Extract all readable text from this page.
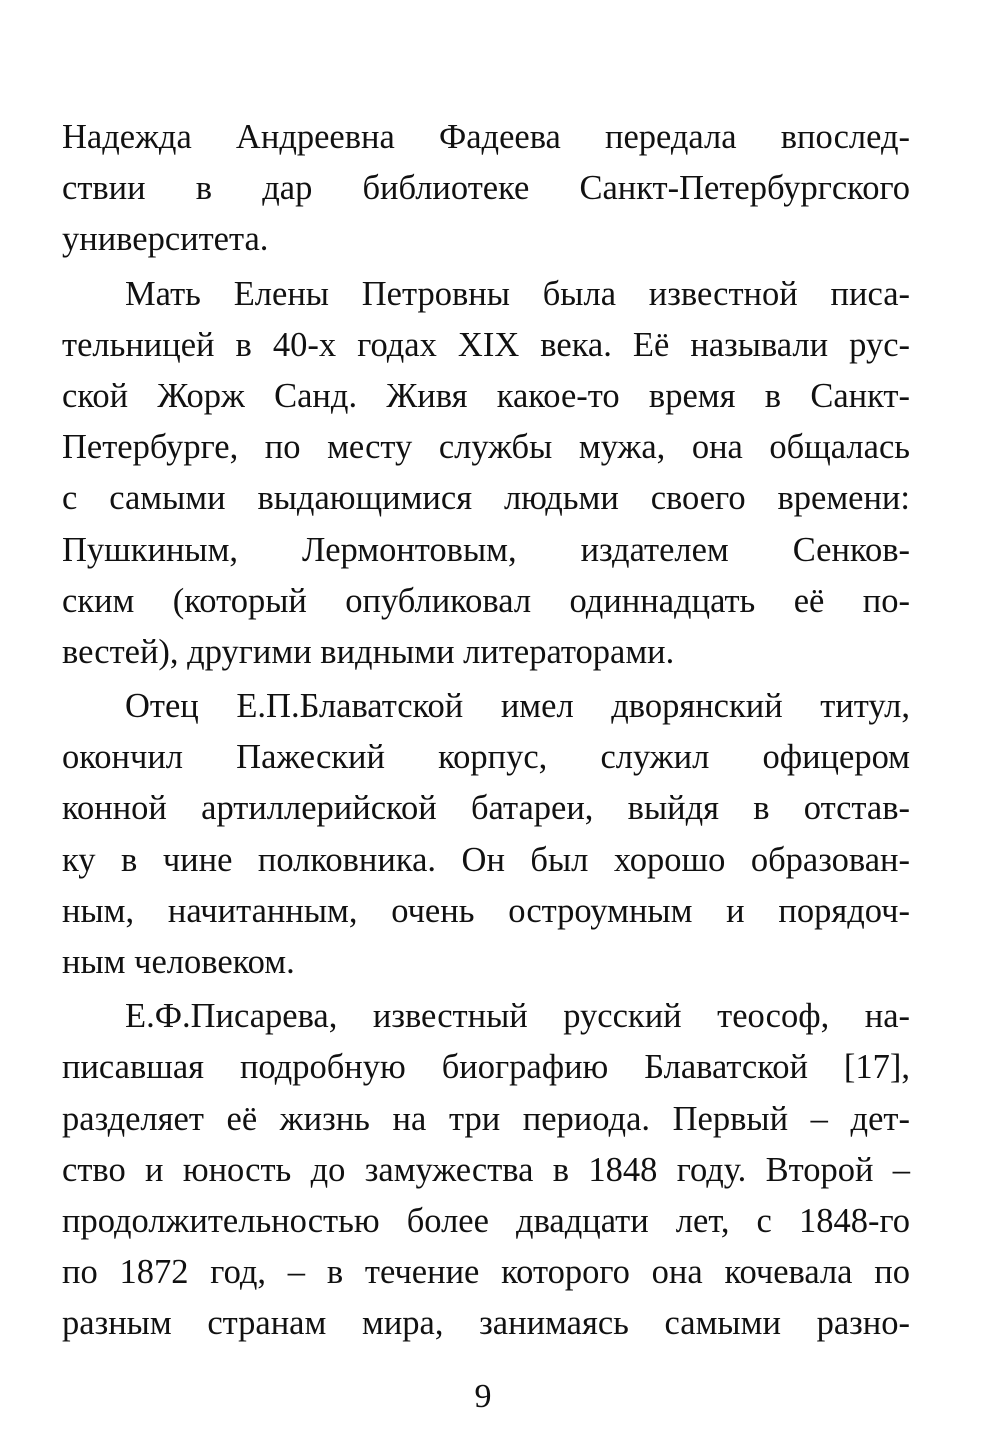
Надежда Андреевна Фадеева передала впослед-
ствии в дар библиотеке Санкт-Петербургского
университета.
Мать Елены Петровны была известной писа-
тельницей в 40-х годах XIX века. Её называли рус-
ской Жорж Санд. Живя какое-то время в Санкт-
Петербурге, по месту службы мужа, она общалась
с самыми выдающимися людьми своего времени:
Пушкиным, Лермонтовым, издателем Сенков-
ским (который опубликовал одиннадцать её по-
вестей), другими видными литераторами.
Отец Е.П.Блаватской имел дворянский титул,
окончил Пажеский корпус, служил офицером
конной артиллерийской батареи, выйдя в отстав-
ку в чине полковника. Он был хорошо образован-
ным, начитанным, очень остроумным и порядоч-
ным человеком.
Е.Ф.Писарева, известный русский теософ, на-
писавшая подробную биографию Блаватской [17],
разделяет её жизнь на три периода. Первый – дет-
ство и юность до замужества в 1848 году. Второй –
продолжительностью более двадцати лет, с 1848-го
по 1872 год, – в течение которого она кочевала по
разным странам мира, занимаясь самыми разно-
9
